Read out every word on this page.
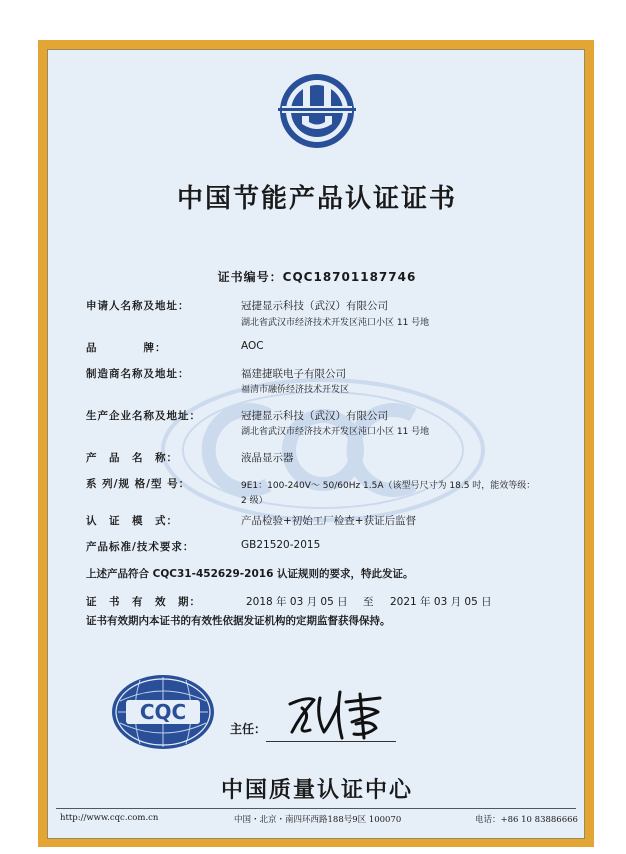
中国节能产品认证证书
证书编号：CQC18701187746
申请人名称及地址：	冠捷显示科技（武汉）有限公司
湖北省武汉市经济技术开发区沌口小区 11 号地
品　　　　牌：	AOC
制造商名称及地址：	福建捷联电子有限公司
福清市融侨经济技术开发区
生产企业名称及地址：	冠捷显示科技（武汉）有限公司
湖北省武汉市经济技术开发区沌口小区 11 号地
产　品　名　称：	液晶显示器
系 列/规 格/型 号：	9E1：100-240V～ 50/60Hz 1.5A（该型号尺寸为 18.5 吋，能效等级：
2 级）
认　证　模　式：	产品检验+初始工厂检查+获证后监督
产品标准/技术要求：	GB21520-2015
上述产品符合 CQC31-452629-2016 认证规则的要求，特此发证。
证　书　有　效　期：	2018 年 03 月 05 日 至 2021 年 03 月 05 日
证书有效期内本证书的有效性依据发证机构的定期监督获得保持。
CQC
主任：
中国质量认证中心
http://www.cqc.com.cn	中国・北京・南四环西路188号9区 100070	电话：+86 10 83886666
